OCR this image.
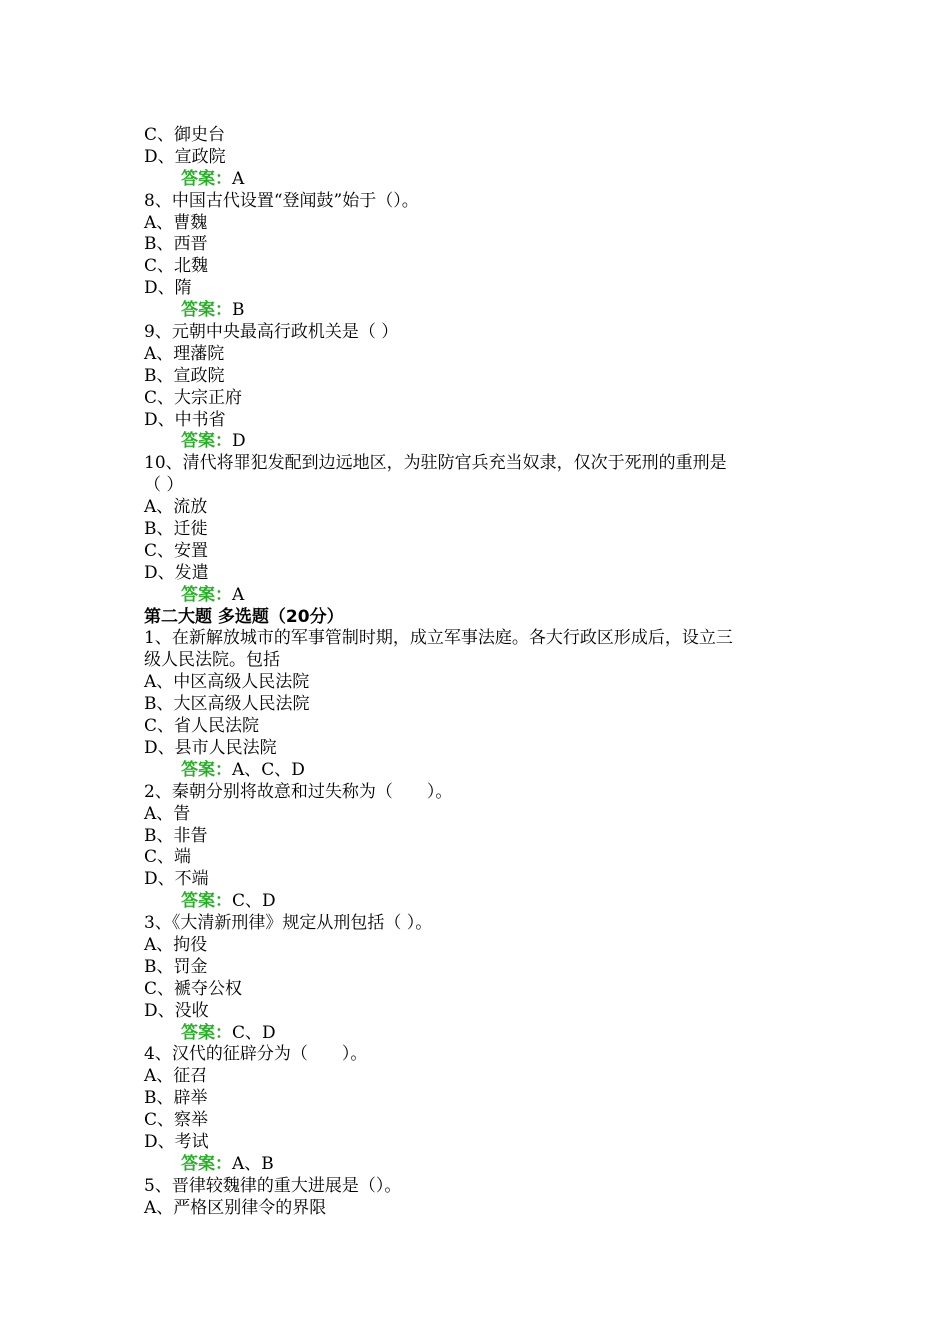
C、御史台
D、宣政院
答案：A
8、中国古代设置“登闻鼓”始于（）。
A、曹魏
B、西晋
C、北魏
D、隋
答案：B
9、元朝中央最高行政机关是（ ）
A、理藩院
B、宣政院
C、大宗正府
D、中书省
答案：D
10、清代将罪犯发配到边远地区，为驻防官兵充当奴隶，仅次于死刑的重刑是
（ ）
A、流放
B、迁徙
C、安置
D、发遣
答案：A
第二大题 多选题（20分）
1、在新解放城市的军事管制时期，成立军事法庭。各大行政区形成后，设立三
级人民法院。包括
A、中区高级人民法院
B、大区高级人民法院
C、省人民法院
D、县市人民法院
答案：A、C、D
2、秦朝分别将故意和过失称为（　　）。
A、眚
B、非眚
C、端
D、不端
答案：C、D
3、《大清新刑律》规定从刑包括（ ）。
A、拘役
B、罚金
C、褫夺公权
D、没收
答案：C、D
4、汉代的征辟分为（　　）。
A、征召
B、辟举
C、察举
D、考试
答案：A、B
5、晋律较魏律的重大进展是（）。
A、严格区别律令的界限
